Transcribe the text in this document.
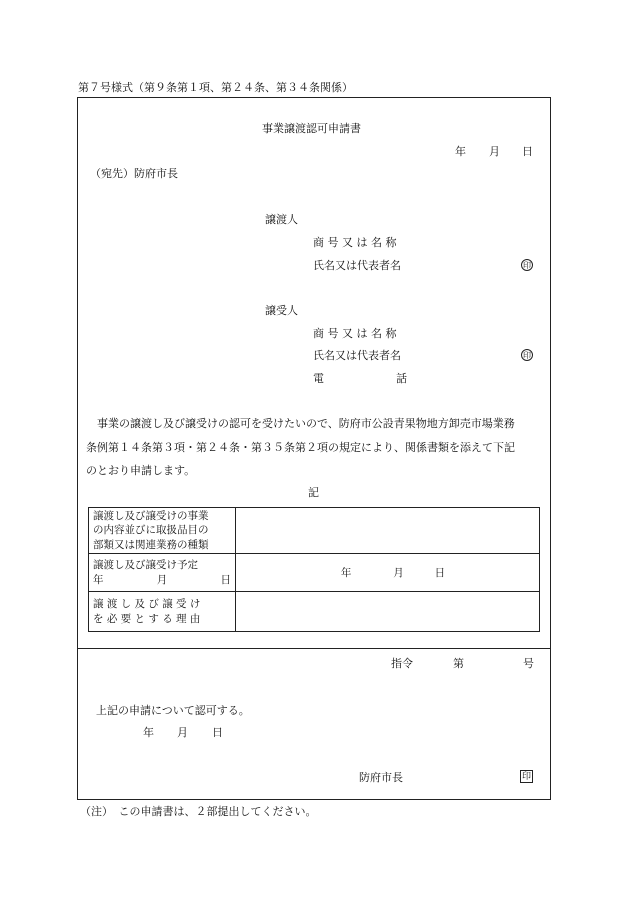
第７号様式（第９条第１項、第２４条、第３４条関係）
事業譲渡認可申請書
年 月 日
（宛先）防府市長
譲渡人
商 号 又 は 名 称
氏名又は代表者名	印
譲受人
商 号 又 は 名 称
氏名又は代表者名	印
電	話
　事業の譲渡し及び譲受けの認可を受けたいので、防府市公設青果物地方卸売市場業務
条例第１４条第３項・第２４条・第３５条第２項の規定により、関係書類を添えて下記
のとおり申請します。
記
譲渡し及び譲受けの事業
の内容並びに取扱品目の
部類又は関連業務の種類	

譲渡し及び譲受け予定
年 月 日	年 月 日

譲 渡 し 及 び 譲 受 け
を 必 要 と す る 理 由	

指令	第	号
上記の申請について認可する。
年 月 日
防府市長	印
（注）　この申請書は、２部提出してください。
